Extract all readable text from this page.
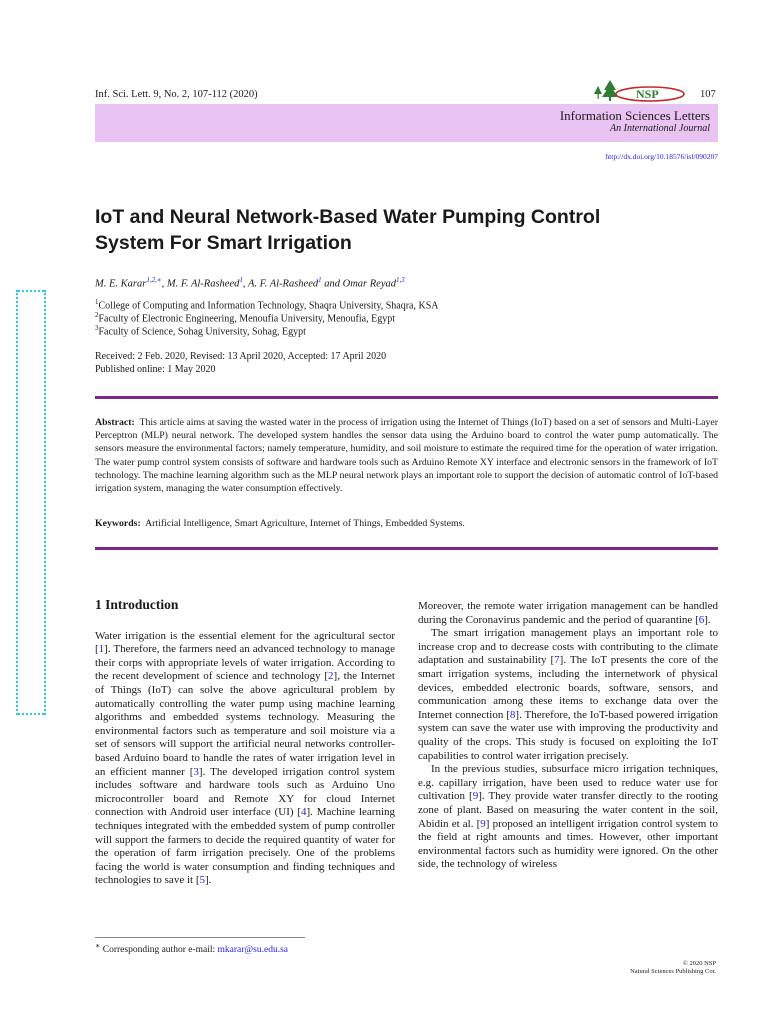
Inf. Sci. Lett. 9, No. 2, 107-112 (2020)	NSP	107
Information Sciences Letters
An International Journal
http://dx.doi.org/10.18576/isl/090207
IoT and Neural Network-Based Water Pumping Control
System For Smart Irrigation
M. E. Karar$^{1,2,∗}$, M. F. Al-Rasheed$^1$, A. F. Al-Rasheed$^1$ and Omar Reyad$^{1,3}$
$^1$College of Computing and Information Technology, Shaqra University, Shaqra, KSA
$^2$Faculty of Electronic Engineering, Menoufia University, Menoufia, Egypt
$^3$Faculty of Science, Sohag University, Sohag, Egypt
Received: 2 Feb. 2020, Revised: 13 April 2020, Accepted: 17 April 2020
Published online: 1 May 2020
Abstract: This article aims at saving the wasted water in the process of irrigation using the Internet of Things (IoT) based on a set of sensors and Multi-Layer Perceptron (MLP) neural network. The developed system handles the sensor data using the Arduino board to control the water pump automatically. The sensors measure the environmental factors; namely temperature, humidity, and soil moisture to estimate the required time for the operation of water irrigation. The water pump control system consists of software and hardware tools such as Arduino Remote XY interface and electronic sensors in the framework of IoT technology. The machine learning algorithm such as the MLP neural network plays an important role to support the decision of automatic control of IoT-based irrigation system, managing the water consumption effectively.
Keywords: Artificial Intelligence, Smart Agriculture, Internet of Things, Embedded Systems.
1 Introduction

Water irrigation is the essential element for the agricultural sector [1]. Therefore, the farmers need an advanced technology to manage their corps with appropriate levels of water irrigation. According to the recent development of science and technology [2], the Internet of Things (IoT) can solve the above agricultural problem by automatically controlling the water pump using machine learning algorithms and embedded systems technology. Measuring the environmental factors such as temperature and soil moisture via a set of sensors will support the artificial neural networks controller-based Arduino board to handle the rates of water irrigation level in an efficient manner [3]. The developed irrigation control system includes software and hardware tools such as Arduino Uno microcontroller board and Remote XY for cloud Internet connection with Android user interface (UI) [4]. Machine learning techniques integrated with the embedded system of pump controller will support the farmers to decide the required quantity of water for the operation of farm irrigation precisely. One of the problems facing the world is water consumption and finding techniques and technologies to save it [5].

Moreover, the remote water irrigation management can be handled during the Coronavirus pandemic and the period of quarantine [6].

The smart irrigation management plays an important role to increase crop and to decrease costs with contributing to the climate adaptation and sustainability [7]. The IoT presents the core of the smart irrigation systems, including the internetwork of physical devices, embedded electronic boards, software, sensors, and communication among these items to exchange data over the Internet connection [8]. Therefore, the IoT-based powered irrigation system can save the water use with improving the productivity and quality of the crops. This study is focused on exploiting the IoT capabilities to control water irrigation precisely.

In the previous studies, subsurface micro irrigation techniques, e.g. capillary irrigation, have been used to reduce water use for cultivation [9]. They provide water transfer directly to the rooting zone of plant. Based on measuring the water content in the soil, Abidin et al. [9] proposed an intelligent irrigation control system to the field at right amounts and times. However, other important environmental factors such as humidity were ignored. On the other side, the technology of wireless

∗ Corresponding author e-mail: mkarar@su.edu.sa
© 2020 NSP
Natural Sciences Publishing Cor.
